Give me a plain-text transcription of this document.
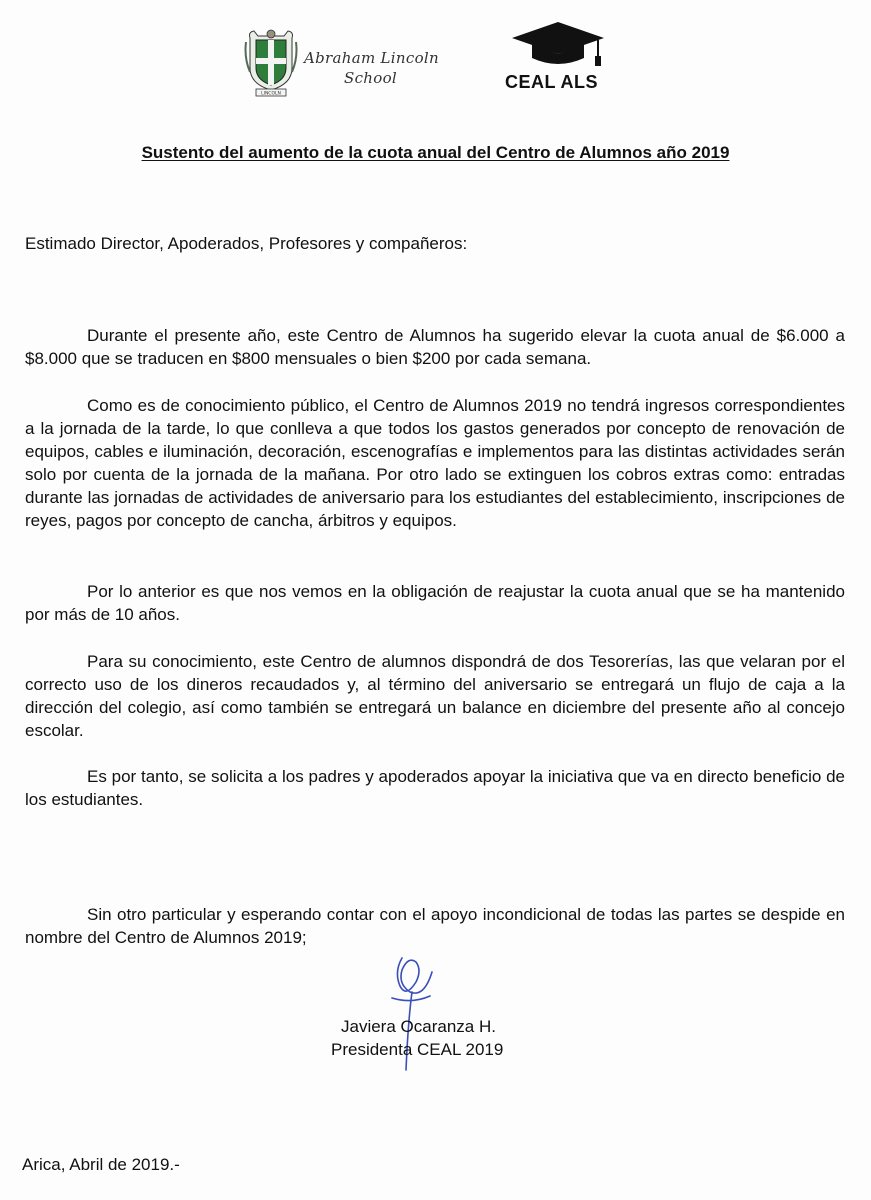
LINCOLN
Abraham Lincoln
School	CEAL ALS
Sustento del aumento de la cuota anual del Centro de Alumnos año 2019
Estimado Director, Apoderados, Profesores y compañeros:

Durante el presente año, este Centro de Alumnos ha sugerido elevar la cuota anual de $6.000 a $8.000 que se traducen en $800 mensuales o bien $200 por cada semana.

Como es de conocimiento público, el Centro de Alumnos 2019 no tendrá ingresos correspondientes a la jornada de la tarde, lo que conlleva a que todos los gastos generados por concepto de renovación de equipos, cables e iluminación, decoración, escenografías e implementos para las distintas actividades serán solo por cuenta de la jornada de la mañana. Por otro lado se extinguen los cobros extras como: entradas durante las jornadas de actividades de aniversario para los estudiantes del establecimiento, inscripciones de reyes, pagos por concepto de cancha, árbitros y equipos.

Por lo anterior es que nos vemos en la obligación de reajustar la cuota anual que se ha mantenido por más de 10 años.

Para su conocimiento, este Centro de alumnos dispondrá de dos Tesorerías, las que velaran por el correcto uso de los dineros recaudados y, al término del aniversario se entregará un flujo de caja a la dirección del colegio, así como también se entregará un balance en diciembre del presente año al concejo escolar.

Es por tanto, se solicita a los padres y apoderados apoyar la iniciativa que va en directo beneficio de los estudiantes.

Sin otro particular y esperando contar con el apoyo incondicional de todas las partes se despide en nombre del Centro de Alumnos 2019;

Javiera Ocaranza H.
Presidenta CEAL 2019
Arica, Abril de 2019.-
